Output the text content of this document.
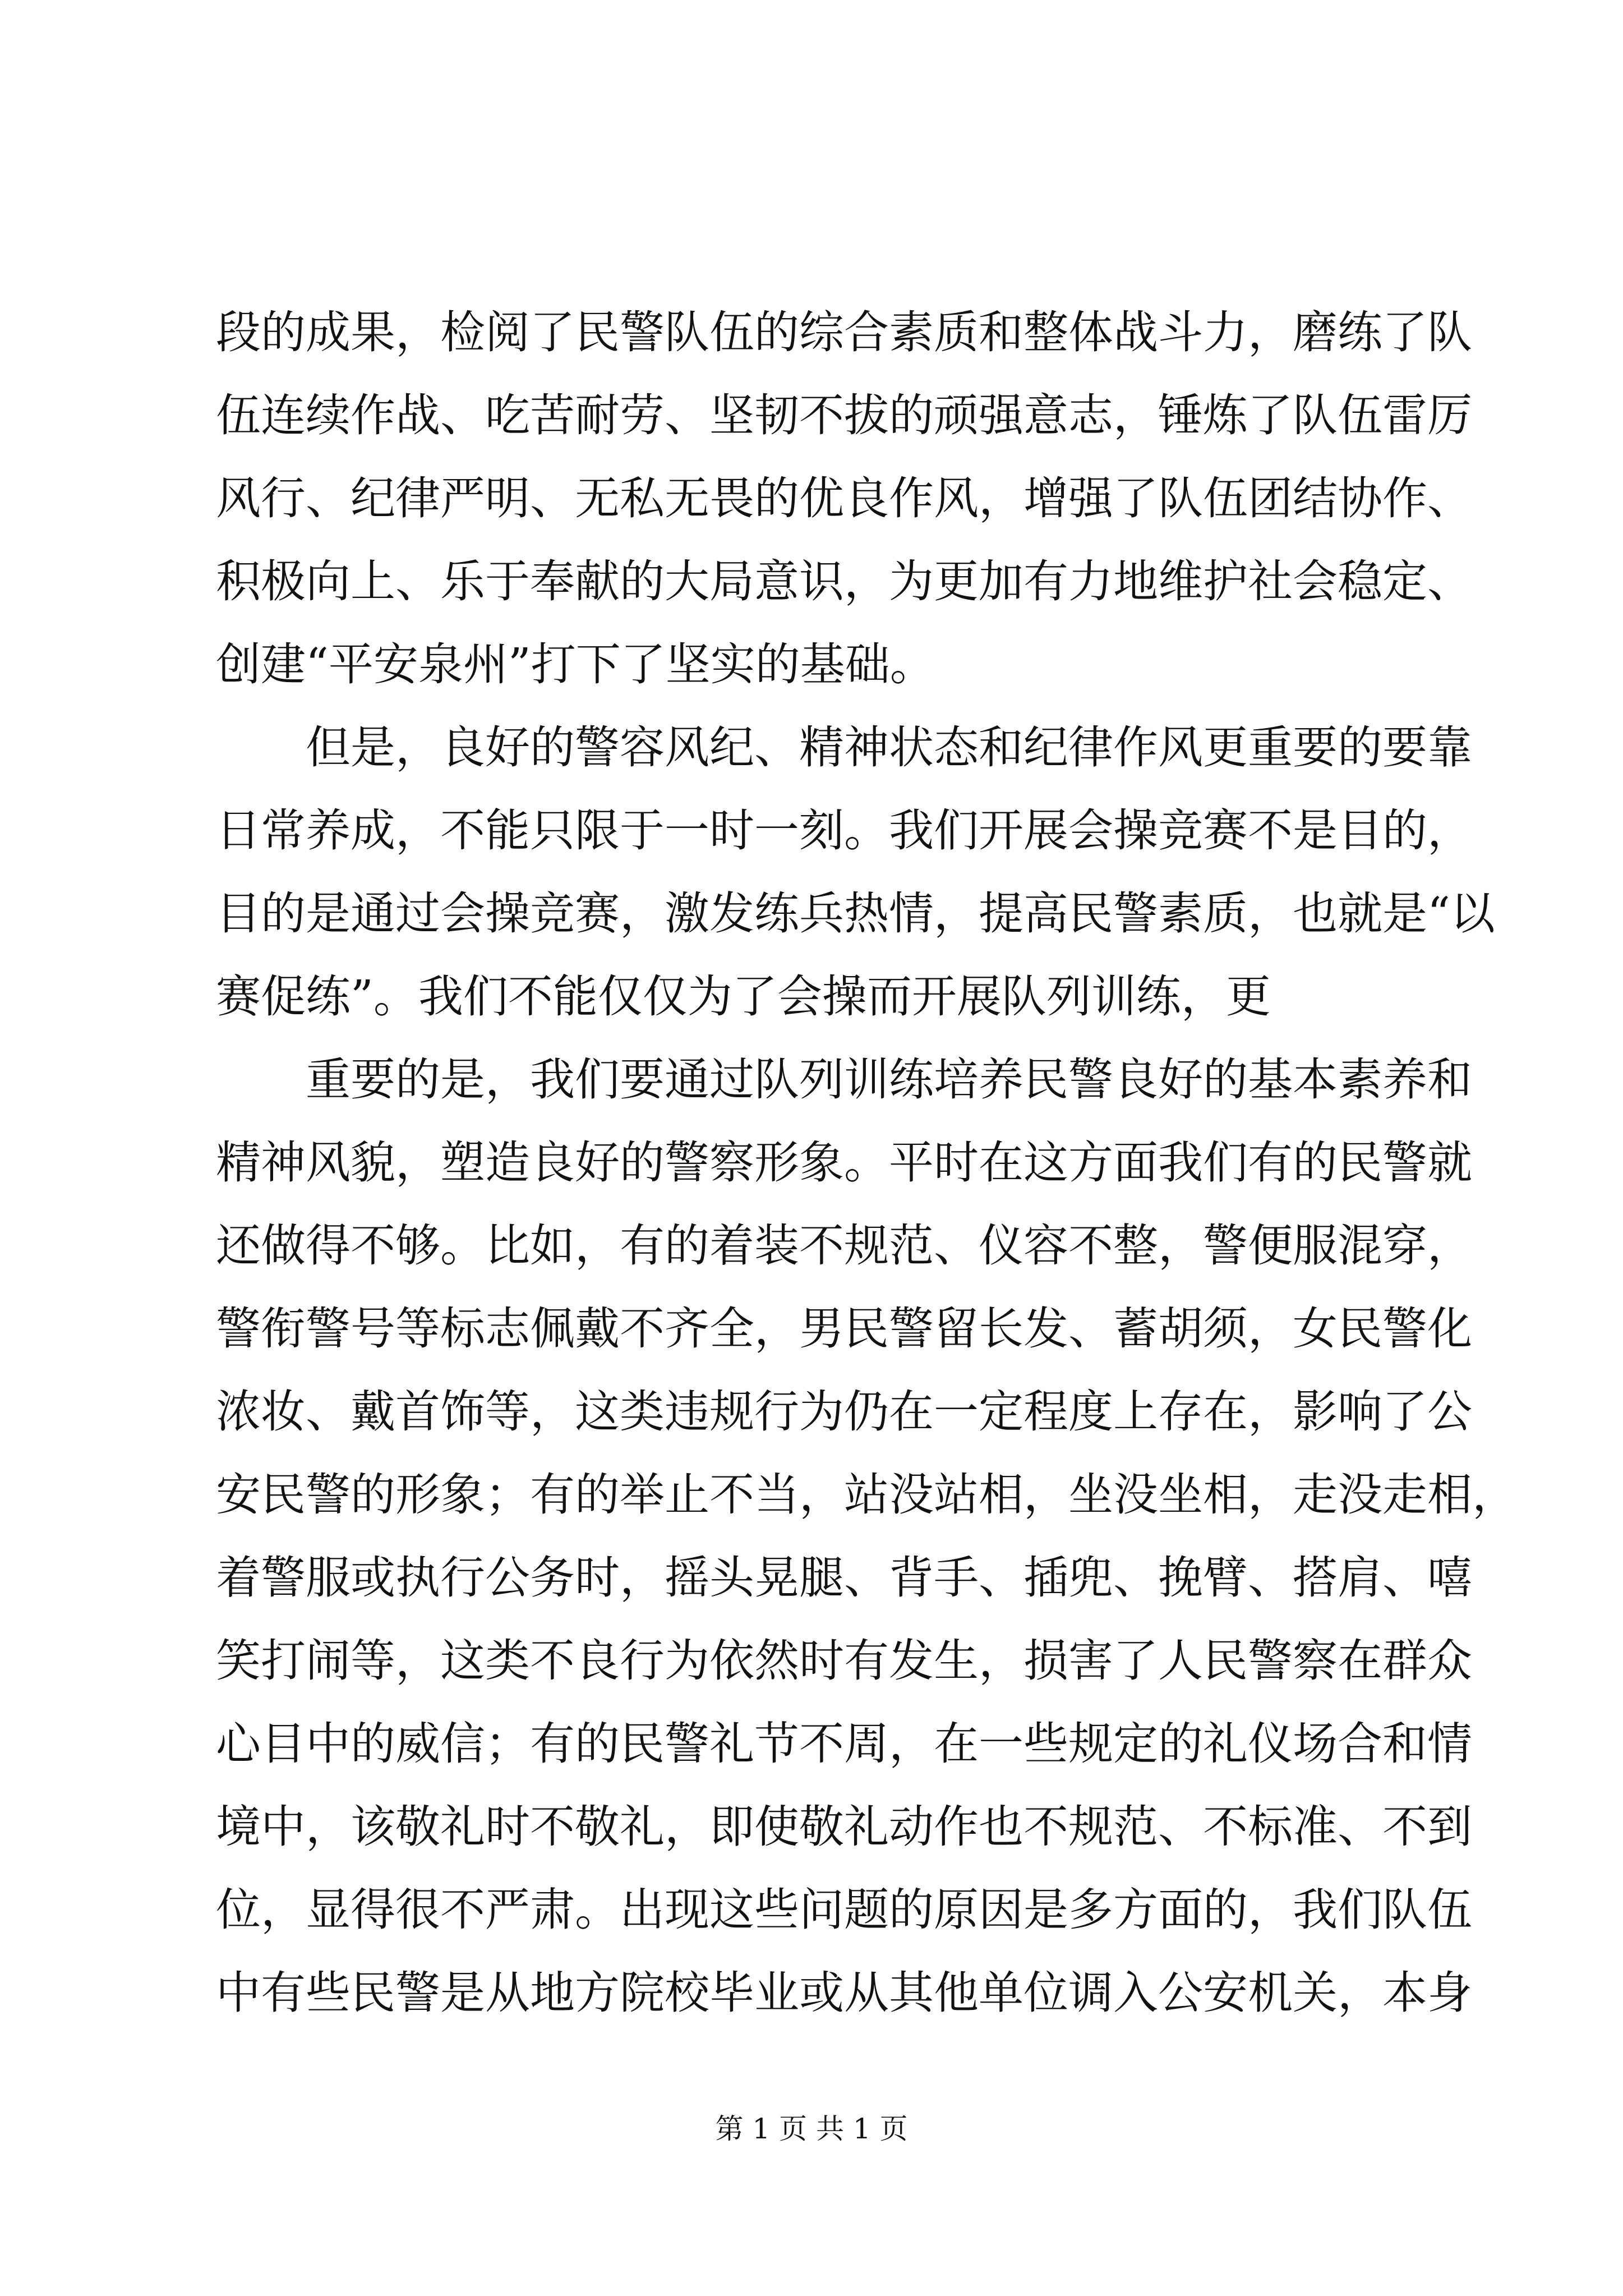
段的成果，检阅了民警队伍的综合素质和整体战斗力，磨练了队
伍连续作战、吃苦耐劳、坚韧不拔的顽强意志，锤炼了队伍雷厉
风行、纪律严明、无私无畏的优良作风，增强了队伍团结协作、
积极向上、乐于奉献的大局意识，为更加有力地维护社会稳定、
创建“平安泉州”打下了坚实的基础。
　　但是，良好的警容风纪、精神状态和纪律作风更重要的要靠
日常养成，不能只限于一时一刻。我们开展会操竞赛不是目的，
目的是通过会操竞赛，激发练兵热情，提高民警素质，也就是“以
赛促练”。我们不能仅仅为了会操而开展队列训练，更
　　重要的是，我们要通过队列训练培养民警良好的基本素养和
精神风貌，塑造良好的警察形象。平时在这方面我们有的民警就
还做得不够。比如，有的着装不规范、仪容不整，警便服混穿，
警衔警号等标志佩戴不齐全，男民警留长发、蓄胡须，女民警化
浓妆、戴首饰等，这类违规行为仍在一定程度上存在，影响了公
安民警的形象；有的举止不当，站没站相，坐没坐相，走没走相，
着警服或执行公务时，摇头晃腿、背手、插兜、挽臂、搭肩、嘻
笑打闹等，这类不良行为依然时有发生，损害了人民警察在群众
心目中的威信；有的民警礼节不周，在一些规定的礼仪场合和情
境中，该敬礼时不敬礼，即使敬礼动作也不规范、不标准、不到
位，显得很不严肃。出现这些问题的原因是多方面的，我们队伍
中有些民警是从地方院校毕业或从其他单位调入公安机关，本身
第 1 页 共 1 页
